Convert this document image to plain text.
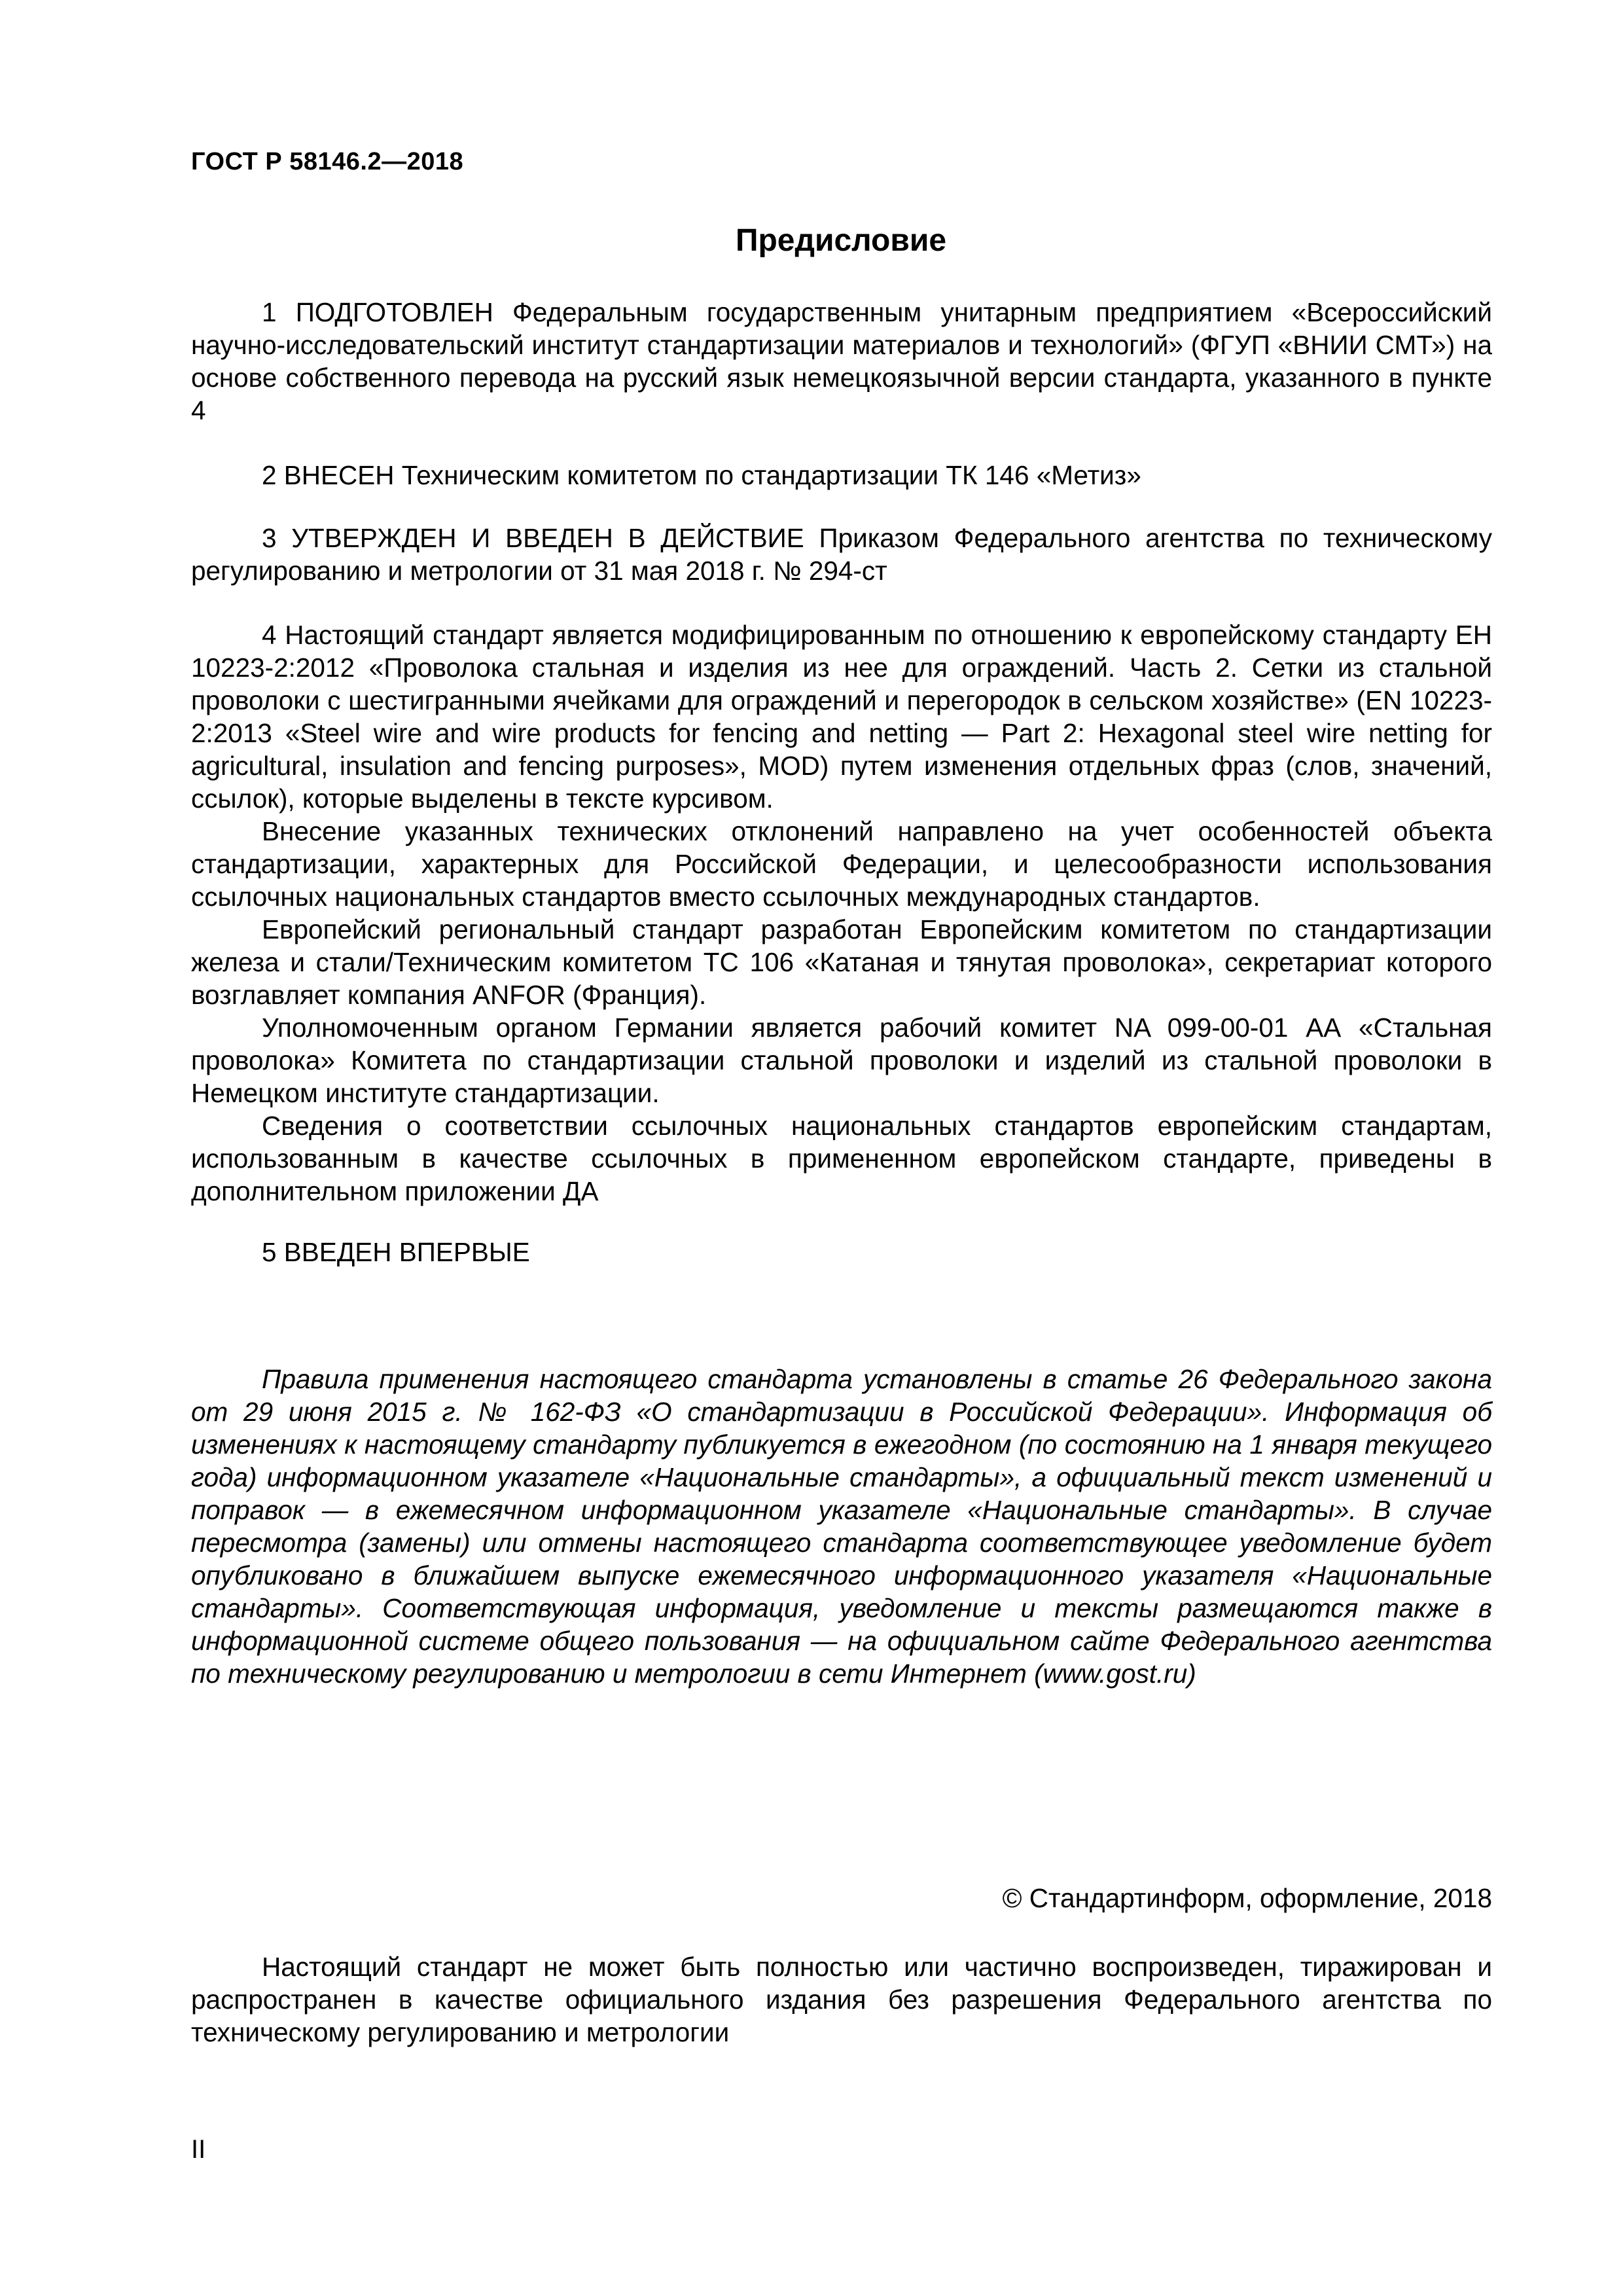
ГОСТ Р 58146.2—2018
Предисловие

1 ПОДГОТОВЛЕН Федеральным государственным унитарным предприятием «Всероссийский научно-исследовательский институт стандартизации материалов и технологий» (ФГУП «ВНИИ СМТ») на основе собственного перевода на русский язык немецкоязычной версии стандарта, указанного в пункте 4

2 ВНЕСЕН Техническим комитетом по стандартизации ТК 146 «Метиз»

3 УТВЕРЖДЕН И ВВЕДЕН В ДЕЙСТВИЕ Приказом Федерального агентства по техническому регулированию и метрологии от 31 мая 2018 г. № 294-ст

4 Настоящий стандарт является модифицированным по отношению к европейскому стандарту ЕН 10223-2:2012 «Проволока стальная и изделия из нее для ограждений. Часть 2. Сетки из стальной проволоки с шестигранными ячейками для ограждений и перегородок в сельском хозяйстве» (EN 10223-2:2013 «Steel wire and wire products for fencing and netting — Part 2: Hexagonal steel wire netting for agricultural, insulation and fencing purposes», MOD) путем изменения отдельных фраз (слов, значений, ссылок), которые выделены в тексте курсивом.

Внесение указанных технических отклонений направлено на учет особенностей объекта стандартизации, характерных для Российской Федерации, и целесообразности использования ссылочных национальных стандартов вместо ссылочных международных стандартов.

Европейский региональный стандарт разработан Европейским комитетом по стандартизации железа и стали/Техническим комитетом ТС 106 «Катаная и тянутая проволока», секретариат которого возглавляет компания ANFOR (Франция).

Уполномоченным органом Германии является рабочий комитет NA 099-00-01 АА «Стальная проволока» Комитета по стандартизации стальной проволоки и изделий из стальной проволоки в Немецком институте стандартизации.

Сведения о соответствии ссылочных национальных стандартов европейским стандартам, использованным в качестве ссылочных в примененном европейском стандарте, приведены в дополнительном приложении ДА

5 ВВЕДЕН ВПЕРВЫЕ

Правила применения настоящего стандарта установлены в статье 26 Федерального закона от 29 июня 2015 г. № 162-ФЗ «О стандартизации в Российской Федерации». Информация об изменениях к настоящему стандарту публикуется в ежегодном (по состоянию на 1 января текущего года) информационном указателе «Национальные стандарты», а официальный текст изменений и поправок — в ежемесячном информационном указателе «Национальные стандарты». В случае пересмотра (замены) или отмены настоящего стандарта соответствующее уведомление будет опубликовано в ближайшем выпуске ежемесячного информационного указателя «Национальные стандарты». Соответствующая информация, уведомление и тексты размещаются также в информационной системе общего пользования — на официальном сайте Федерального агентства по техническому регулированию и метрологии в сети Интернет (www.gost.ru)

© Стандартинформ, оформление, 2018

Настоящий стандарт не может быть полностью или частично воспроизведен, тиражирован и распространен в качестве официального издания без разрешения Федерального агентства по техническому регулированию и метрологии

II
